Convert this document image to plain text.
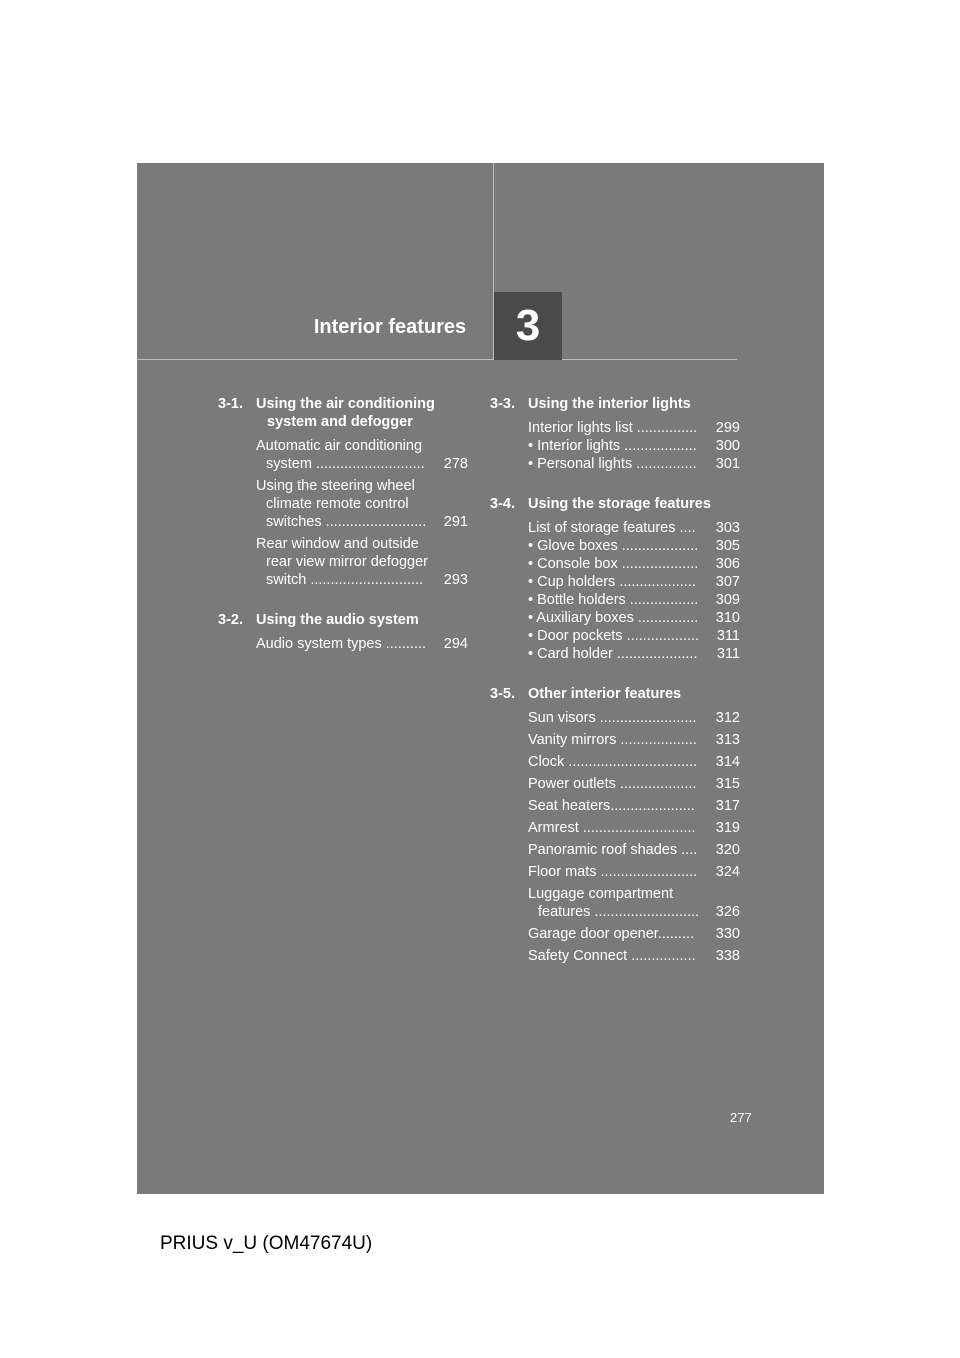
Interior features	3
3-1. Using the air conditioning
system and defogger
Automatic air conditioning
system ...........................	278
Using the steering wheel
climate remote control
switches .........................	291
Rear window and outside
rear view mirror defogger
switch ............................	293
3-2. Using the audio system
Audio system types ..........	294
3-3. Using the interior lights
Interior lights list ...............	299
• Interior lights ..................	300
• Personal lights ...............	301
3-4. Using the storage features
List of storage features ....	303
• Glove boxes ...................	305
• Console box ...................	306
• Cup holders ...................	307
• Bottle holders .................	309
• Auxiliary boxes ...............	310
• Door pockets ..................	311
• Card holder ....................	311
3-5. Other interior features
Sun visors ........................	312
Vanity mirrors ...................	313
Clock ................................	314
Power outlets ...................	315
Seat heaters.....................	317
Armrest ............................	319
Panoramic roof shades ....	320
Floor mats ........................	324
Luggage compartment
features ..........................	326
Garage door opener.........	330
Safety Connect ................	338
277
PRIUS v_U (OM47674U)
